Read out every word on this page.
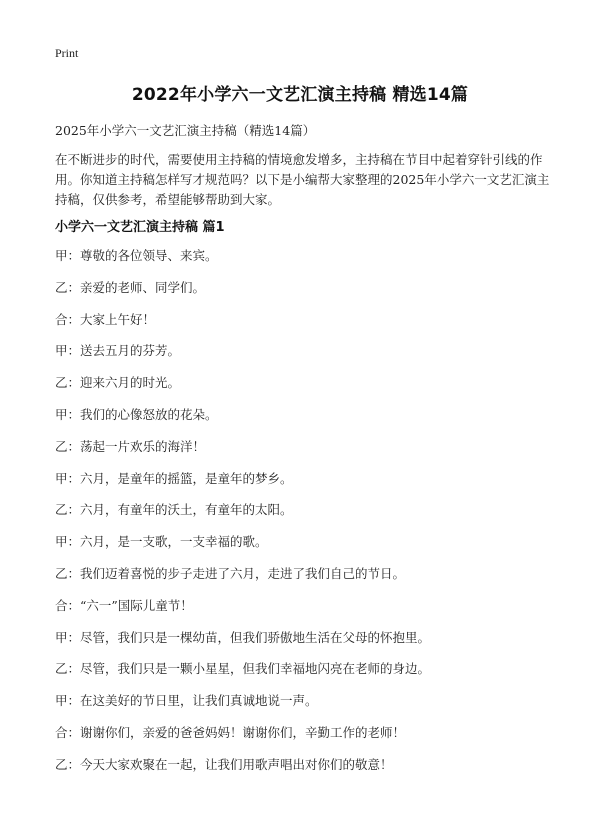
Print
2022年小学六一文艺汇演主持稿 精选14篇
2025年小学六一文艺汇演主持稿（精选14篇）
在不断进步的时代，需要使用主持稿的情境愈发增多，主持稿在节目中起着穿针引线的作用。你知道主持稿怎样写才规范吗？以下是小编帮大家整理的2025年小学六一文艺汇演主持稿，仅供参考，希望能够帮助到大家。
小学六一文艺汇演主持稿 篇1
甲：尊敬的各位领导、来宾。
乙：亲爱的老师、同学们。
合：大家上午好！
甲：送去五月的芬芳。
乙：迎来六月的时光。
甲：我们的心像怒放的花朵。
乙：荡起一片欢乐的海洋！
甲：六月，是童年的摇篮，是童年的梦乡。
乙：六月，有童年的沃土，有童年的太阳。
甲：六月，是一支歌，一支幸福的歌。
乙：我们迈着喜悦的步子走进了六月，走进了我们自己的节日。
合：“六一”国际儿童节！
甲：尽管，我们只是一棵幼苗，但我们骄傲地生活在父母的怀抱里。
乙：尽管，我们只是一颗小星星，但我们幸福地闪亮在老师的身边。
甲：在这美好的节日里，让我们真诚地说一声。
合：谢谢你们，亲爱的爸爸妈妈！谢谢你们，辛勤工作的老师！
乙：今天大家欢聚在一起，让我们用歌声唱出对你们的敬意！
